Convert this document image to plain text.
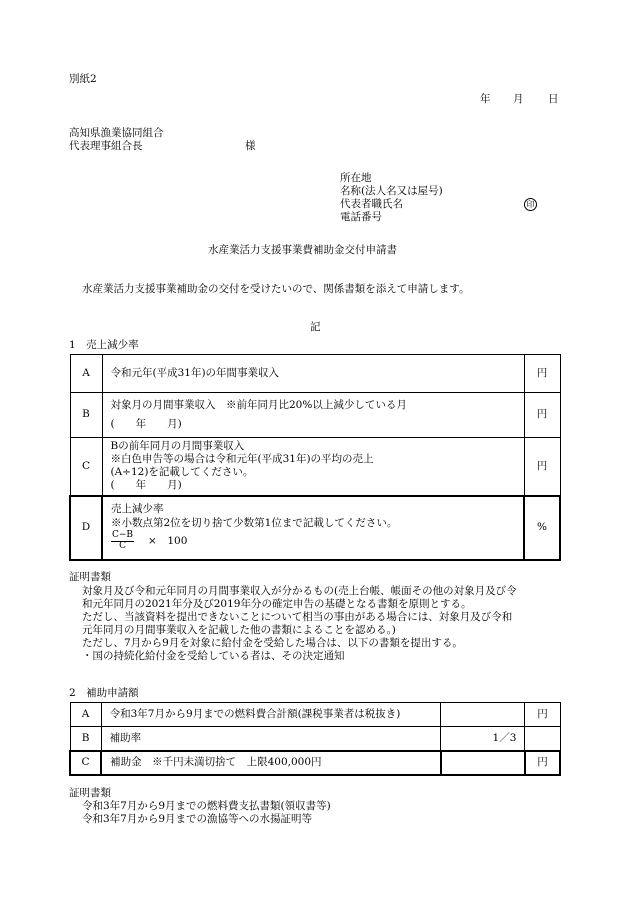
別紙2
年 月 日
高知県漁業協同組合
代表理事組合長	様
所在地
名称(法人名又は屋号)
代表者職氏名	印
電話番号
水産業活力支援事業費補助金交付申請書
水産業活力支援事業補助金の交付を受けたいので、関係書類を添えて申請します。
記
1　売上減少率
A	令和元年(平成31年)の年間事業収入	円
B	対象月の月間事業収入　※前年同月比20%以上減少している月
(　　年　　月)	円
C	Bの前年同月の月間事業収入
※白色申告等の場合は令和元年(平成31年)の平均の売上
(A÷12)を記載してください。
(　　年　　月)	円
D	売上減少率
※小数点第2位を切り捨て少数第1位まで記載してください。
$\frac{C-B}{C}$ ×　100	%
証明書類
対象月及び令和元年同月の月間事業収入が分かるもの(売上台帳、帳面その他の対象月及び令
和元年同月の2021年分及び2019年分の確定申告の基礎となる書類を原則とする。
ただし、当該資料を提出できないことについて相当の事由がある場合には、対象月及び令和
元年同月の月間事業収入を記載した他の書類によることを認める。)
ただし、7月から9月を対象に給付金を受給した場合は、以下の書類を提出する。
・国の持続化給付金を受給している者は、その決定通知
2　補助申請額
A	令和3年7月から9月までの燃料費合計額(課税事業者は税抜き)		円
B	補助率	1／3	
C	補助金　※千円未満切捨て　上限400,000円		円
証明書類
令和3年7月から9月までの燃料費支払書類(領収書等)
令和3年7月から9月までの漁協等への水揚証明等
